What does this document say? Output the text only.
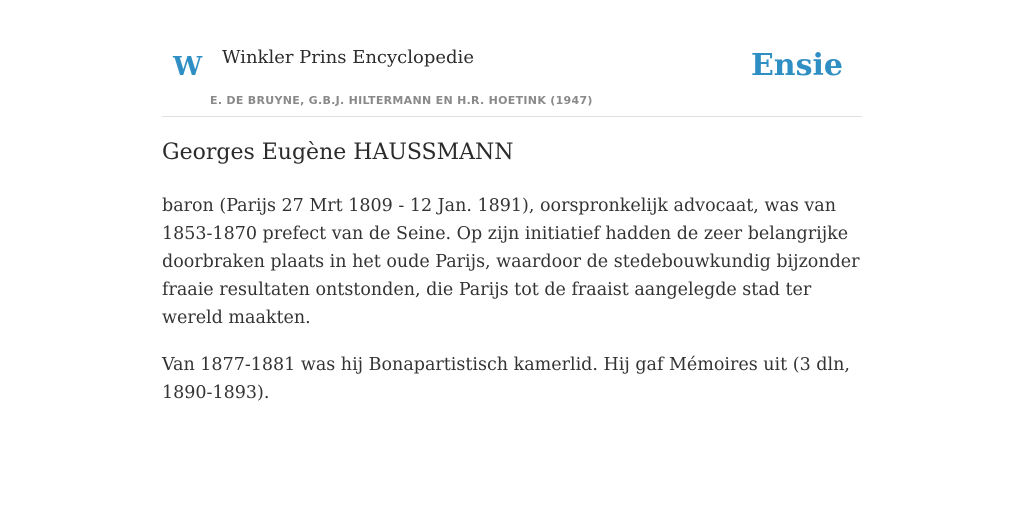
W Winkler Prins Encyclopedie
E. DE BRUYNE, G.B.J. HILTERMANN EN H.R. HOETINK (1947)
Ensie
Georges Eugène HAUSSMANN

baron (Parijs 27 Mrt 1809 - 12 Jan. 1891), oorspronkelijk advocaat, was van 1853-1870 prefect van de Seine. Op zijn initiatief hadden de zeer belangrijke doorbraken plaats in het oude Parijs, waardoor de stedebouwkundig bijzonder fraaie resultaten ontstonden, die Parijs tot de fraaist aangelegde stad ter wereld maakten.

Van 1877-1881 was hij Bonapartistisch kamerlid. Hij gaf Mémoires uit (3 dln, 1890-1893).
